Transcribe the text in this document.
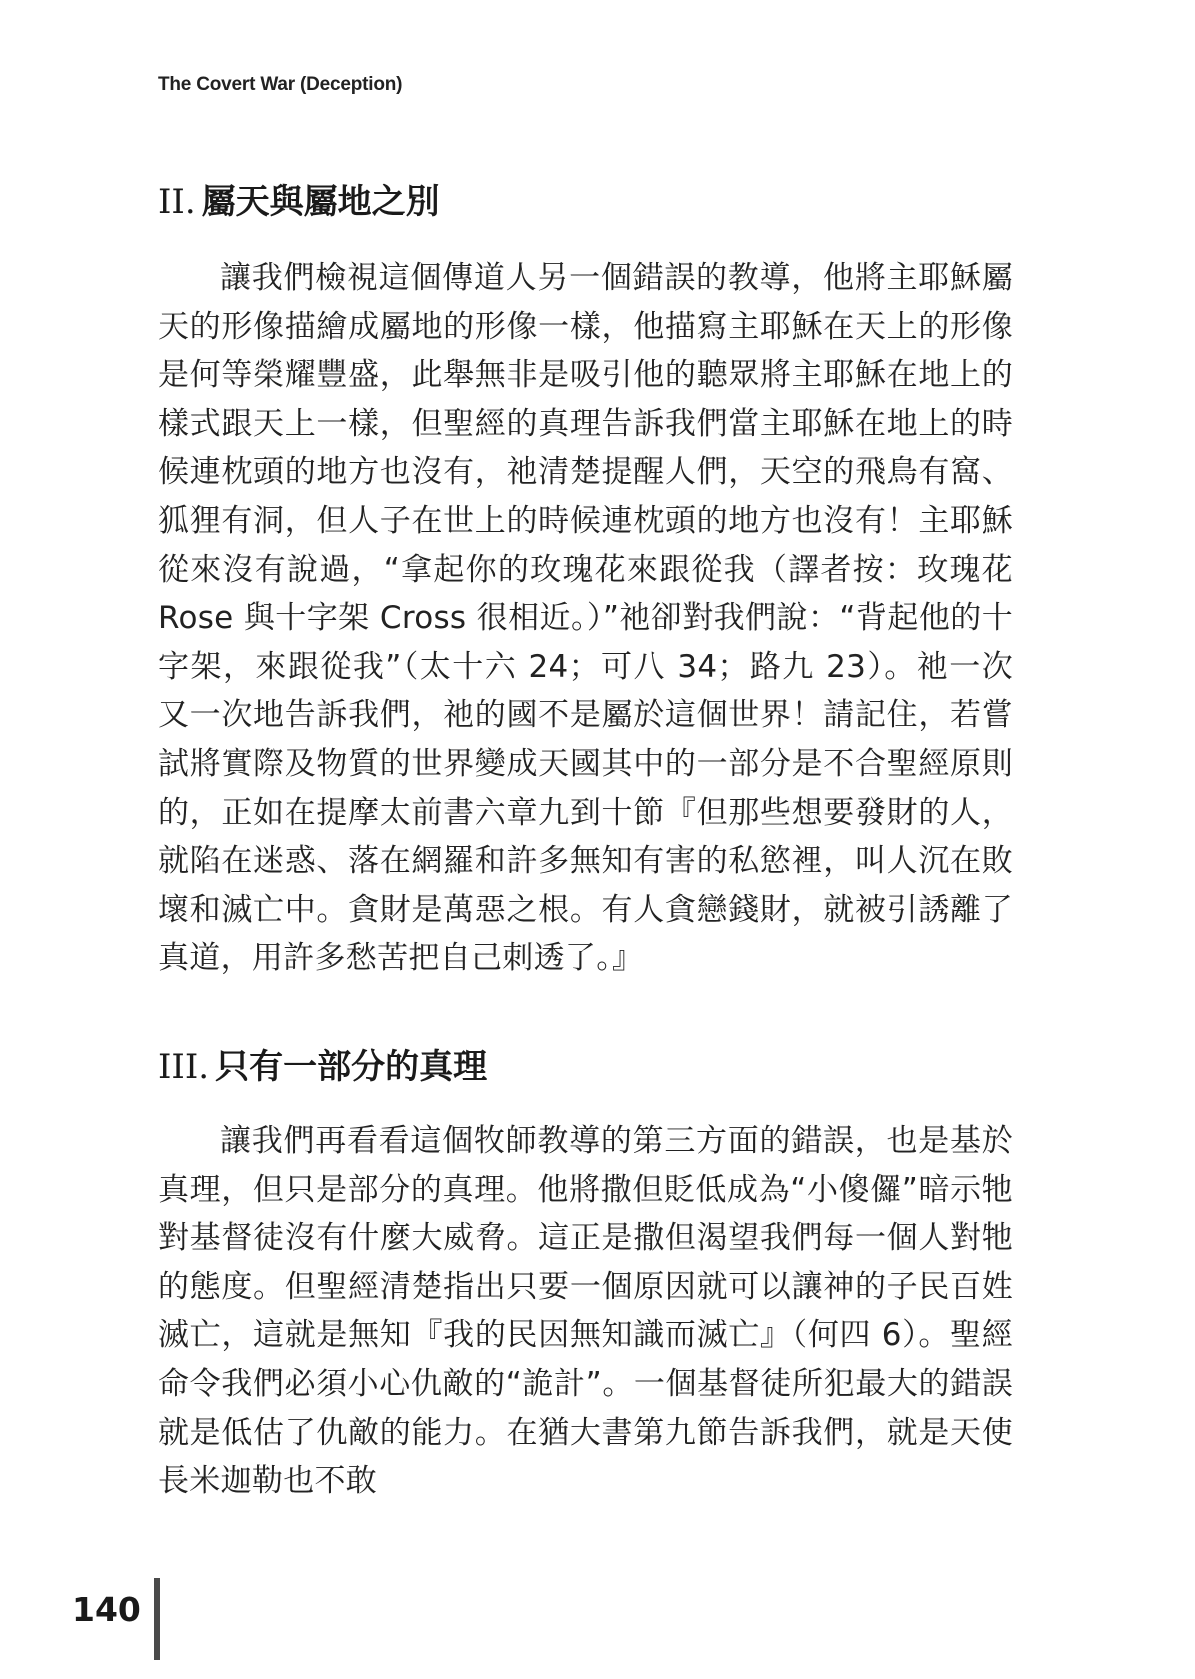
The Covert War (Deception)
II. 屬天與屬地之別

讓我們檢視這個傳道人另一個錯誤的教導，他將主耶穌屬天的形像描繪成屬地的形像一樣，他描寫主耶穌在天上的形像是何等榮耀豐盛，此舉無非是吸引他的聽眾將主耶穌在地上的樣式跟天上一樣，但聖經的真理告訴我們當主耶穌在地上的時候連枕頭的地方也沒有，祂清楚提醒人們，天空的飛鳥有窩、狐狸有洞，但人子在世上的時候連枕頭的地方也沒有！主耶穌從來沒有說過，“拿起你的玫瑰花來跟從我（譯者按：玫瑰花 Rose 與十字架 Cross 很相近。）”祂卻對我們說：“背起他的十字架，來跟從我”（太十六 24；可八 34；路九 23）。祂一次又一次地告訴我們，祂的國不是屬於這個世界！請記住，若嘗試將實際及物質的世界變成天國其中的一部分是不合聖經原則的，正如在提摩太前書六章九到十節『但那些想要發財的人，就陷在迷惑、落在網羅和許多無知有害的私慾裡，叫人沉在敗壞和滅亡中。貪財是萬惡之根。有人貪戀錢財，就被引誘離了真道，用許多愁苦把自己刺透了。』

III. 只有一部分的真理

讓我們再看看這個牧師教導的第三方面的錯誤，也是基於真理，但只是部分的真理。他將撒但貶低成為“小傻儸”暗示牠對基督徒沒有什麼大威脅。這正是撒但渴望我們每一個人對牠的態度。但聖經清楚指出只要一個原因就可以讓神的子民百姓滅亡，這就是無知『我的民因無知識而滅亡』（何四 6）。聖經命令我們必須小心仇敵的“詭計”。一個基督徒所犯最大的錯誤就是低估了仇敵的能力。在猶大書第九節告訴我們，就是天使長米迦勒也不敢

140
